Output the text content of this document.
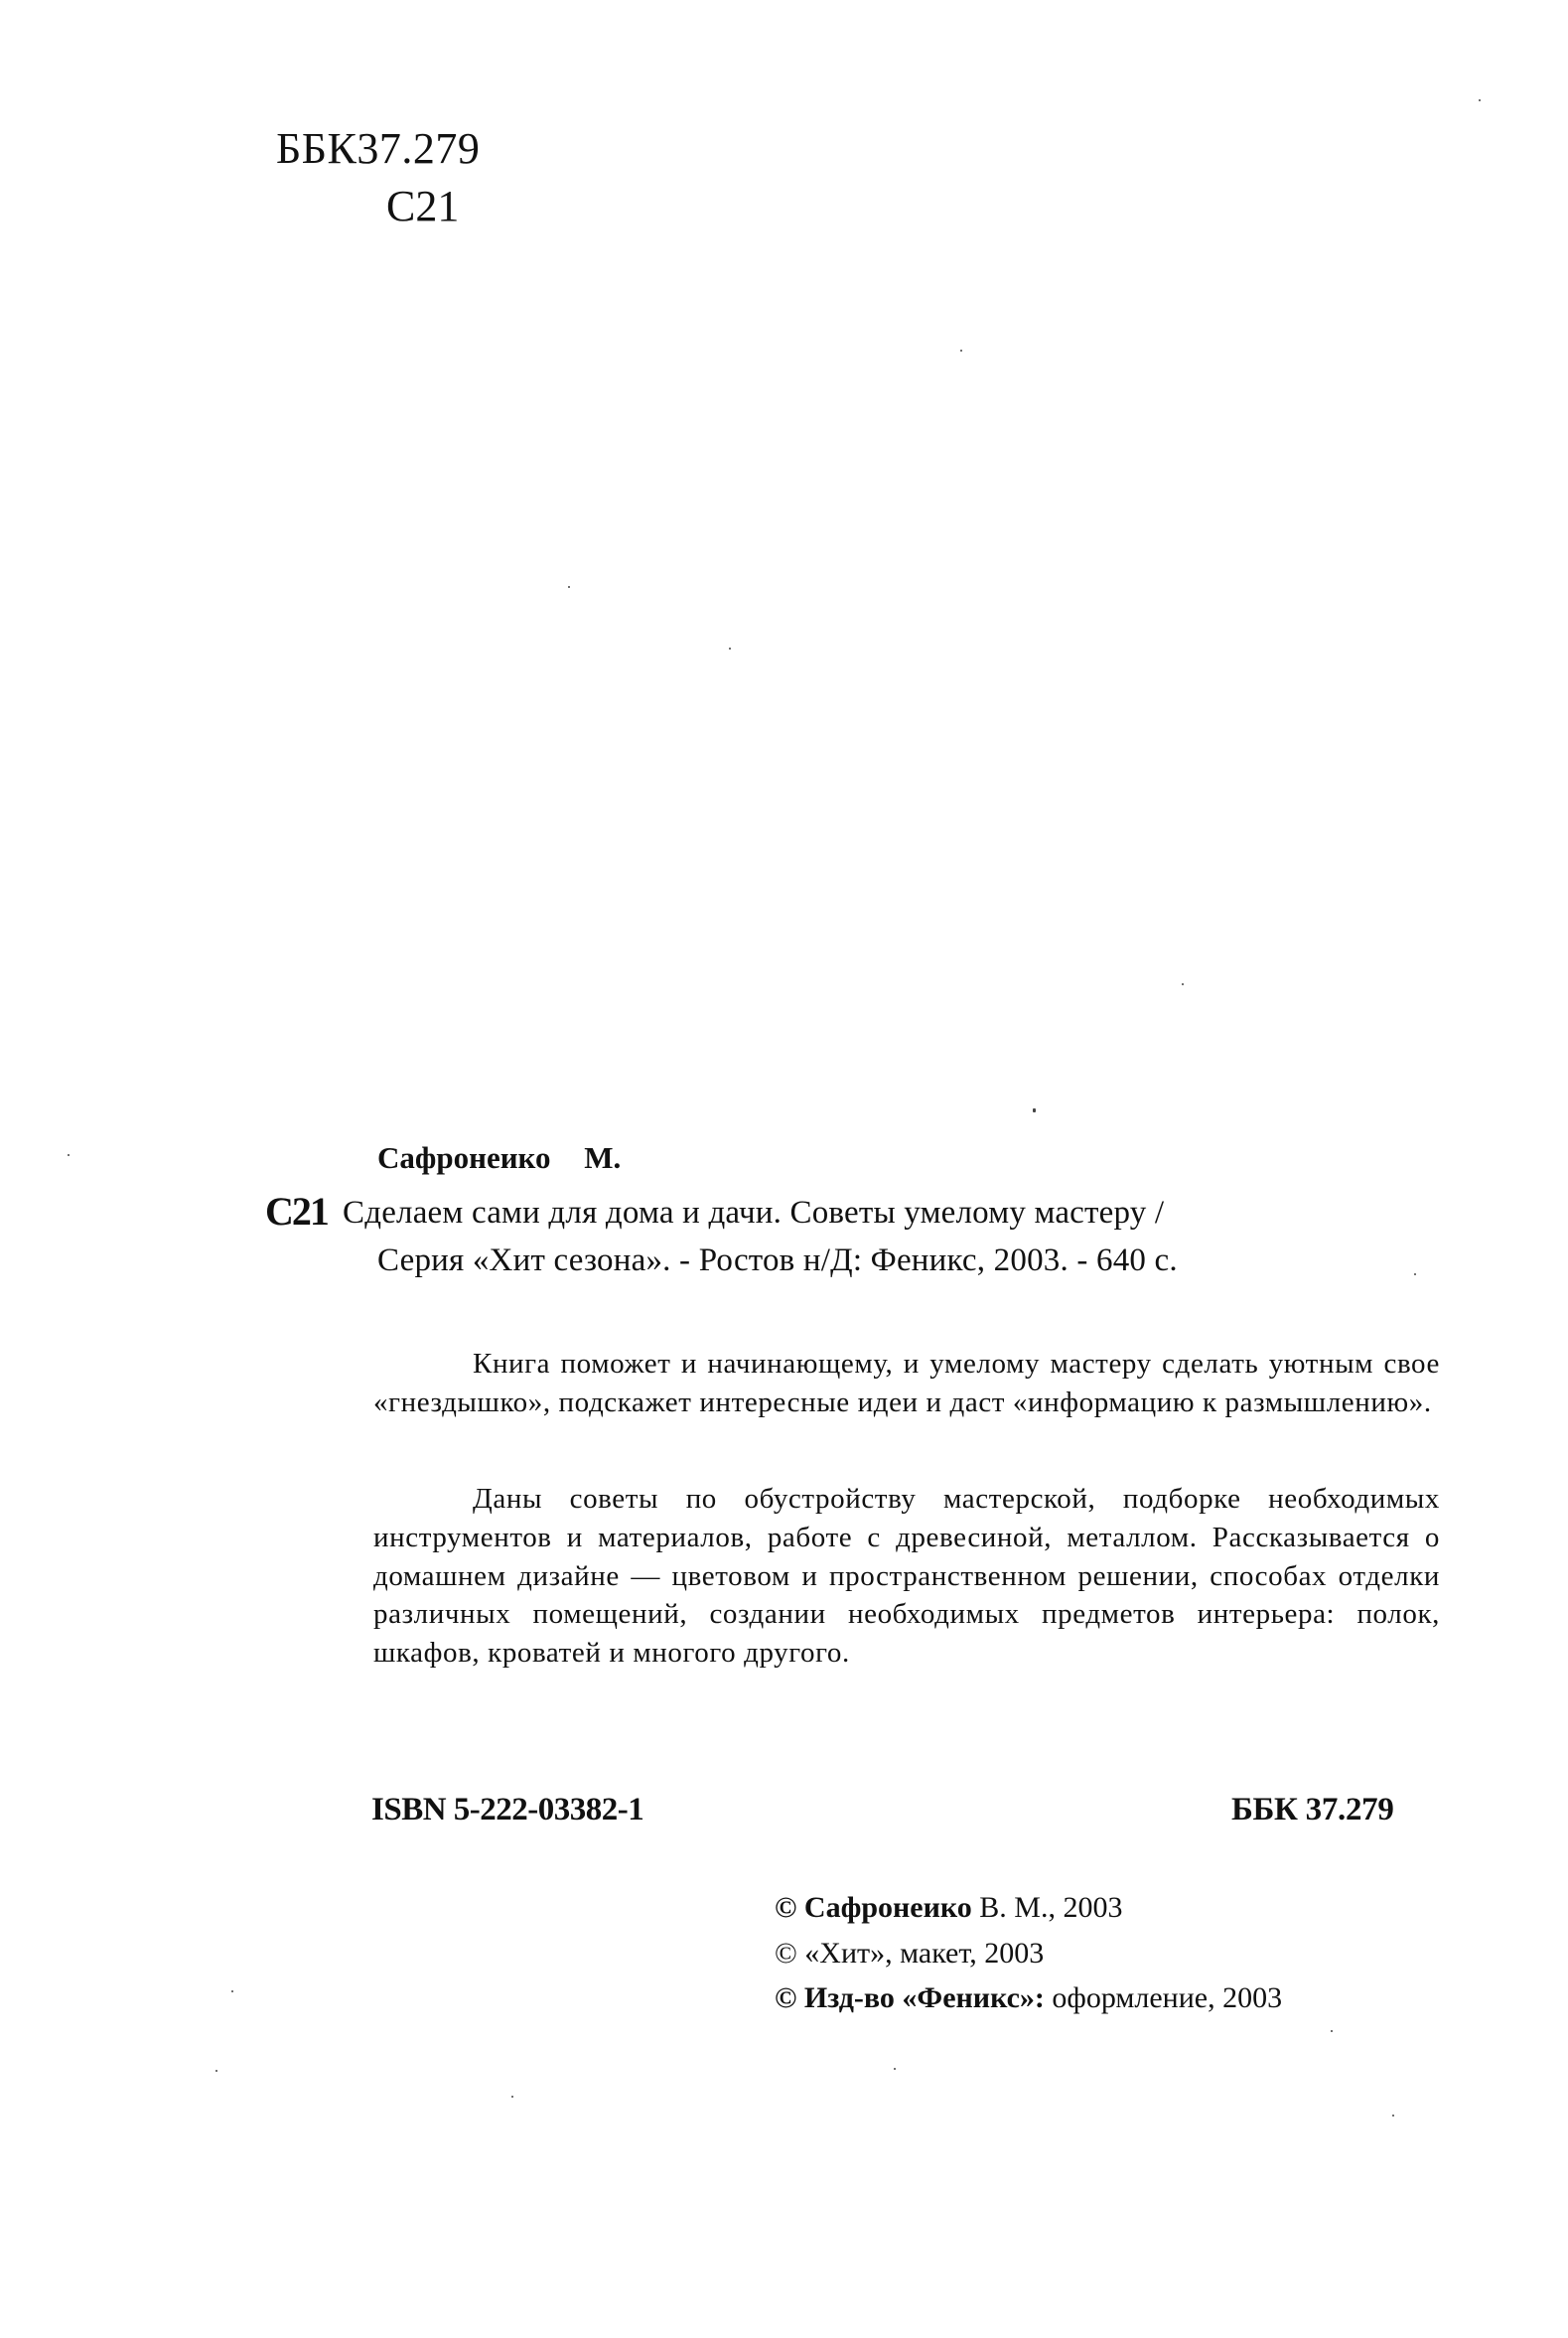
ББК37.279
С21
Сафронеико М.
С21 Сделаем сами для дома и дачи. Советы умелому мастеру /
Серия «Хит сезона». - Ростов н/Д: Феникс, 2003. - 640 с.

Книга поможет и начинающему, и умелому мастеру сделать уютным свое «гнездышко», подскажет интересные идеи и даст «информацию к размышлению».

Даны советы по обустройству мастерской, подборке необходимых инструментов и материалов, работе с древесиной, металлом. Рассказывается о домашнем дизайне — цветовом и пространственном решении, способах отделки различных помещений, создании необходимых предметов интерьера: полок, шкафов, кроватей и многого другого.

ISBN 5-222-03382-1	ББК 37.279
© Сафронеико В. М., 2003
© «Хит», макет, 2003
© Изд-во «Феникс»: оформление, 2003
